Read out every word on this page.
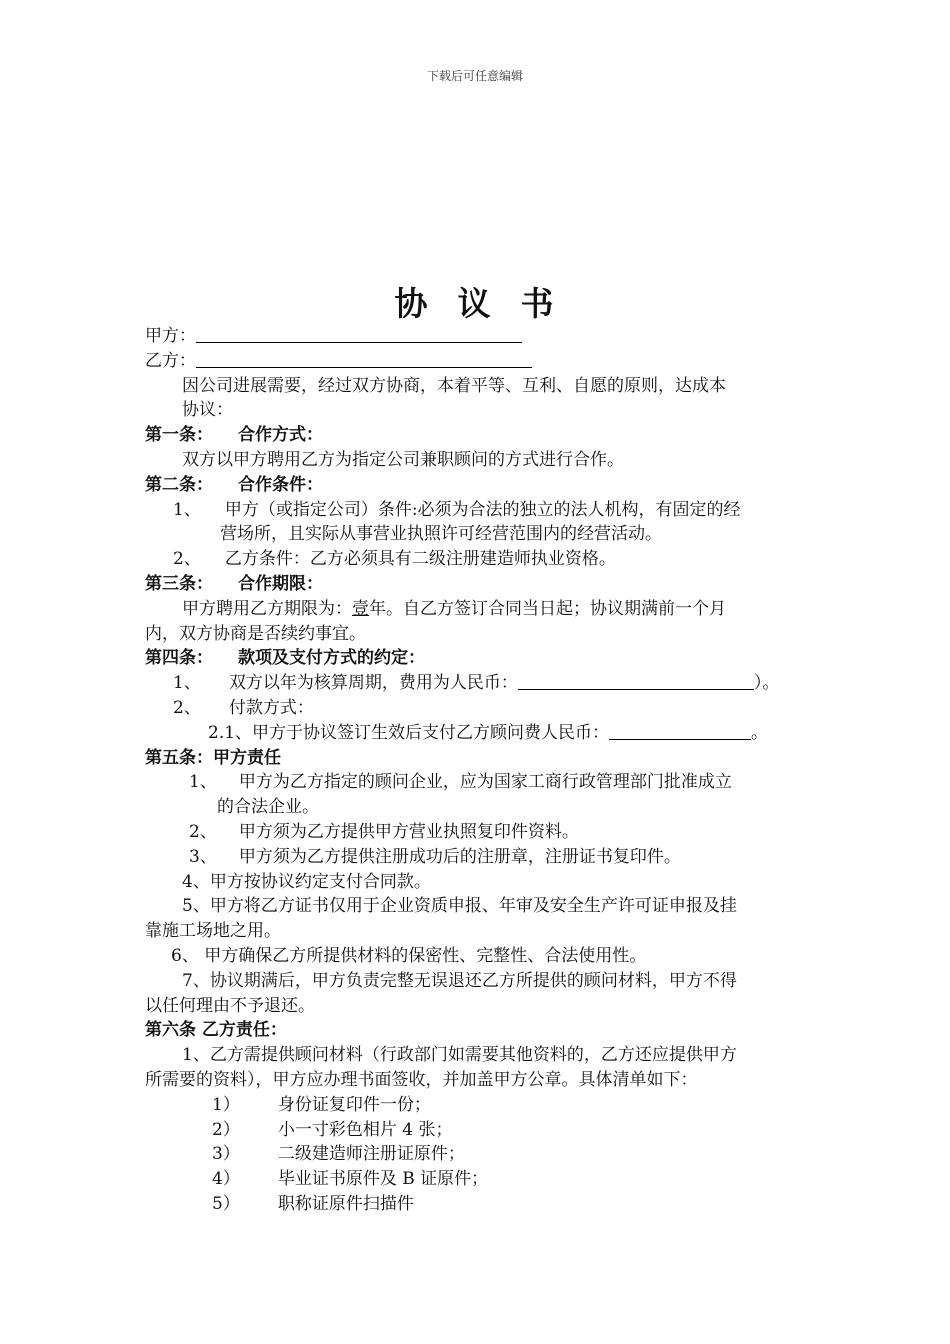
下载后可任意编辑
协 议 书
甲方：
乙方：
因公司进展需要，经过双方协商，本着平等、互利、自愿的原则，达成本
协议：
第一条： 合作方式：
双方以甲方聘用乙方为指定公司兼职顾问的方式进行合作。
第二条： 合作条件：
1、 甲方（或指定公司）条件:必须为合法的独立的法人机构，有固定的经
营场所，且实际从事营业执照许可经营范围内的经营活动。
2、 乙方条件：乙方必须具有二级注册建造师执业资格。
第三条： 合作期限：
甲方聘用乙方期限为：壹年。自乙方签订合同当日起；协议期满前一个月
内，双方协商是否续约事宜。
第四条： 款项及支付方式的约定：
1、 双方以年为核算周期，费用为人民币：	）。
2、 付款方式：
2.1、甲方于协议签订生效后支付乙方顾问费人民币：	。
第五条：甲方责任
1、 甲方为乙方指定的顾问企业，应为国家工商行政管理部门批准成立
的合法企业。
2、 甲方须为乙方提供甲方营业执照复印件资料。
3、 甲方须为乙方提供注册成功后的注册章，注册证书复印件。
4、甲方按协议约定支付合同款。
5、甲方将乙方证书仅用于企业资质申报、年审及安全生产许可证申报及挂
靠施工场地之用。
6、 甲方确保乙方所提供材料的保密性、完整性、合法使用性。
7、协议期满后，甲方负责完整无误退还乙方所提供的顾问材料，甲方不得
以任何理由不予退还。
第六条 乙方责任：
1、乙方需提供顾问材料（行政部门如需要其他资料的，乙方还应提供甲方
所需要的资料），甲方应办理书面签收，并加盖甲方公章。具体清单如下：
1） 身份证复印件一份；
2） 小一寸彩色相片 4 张；
3） 二级建造师注册证原件；
4） 毕业证书原件及 B 证原件；
5） 职称证原件扫描件
